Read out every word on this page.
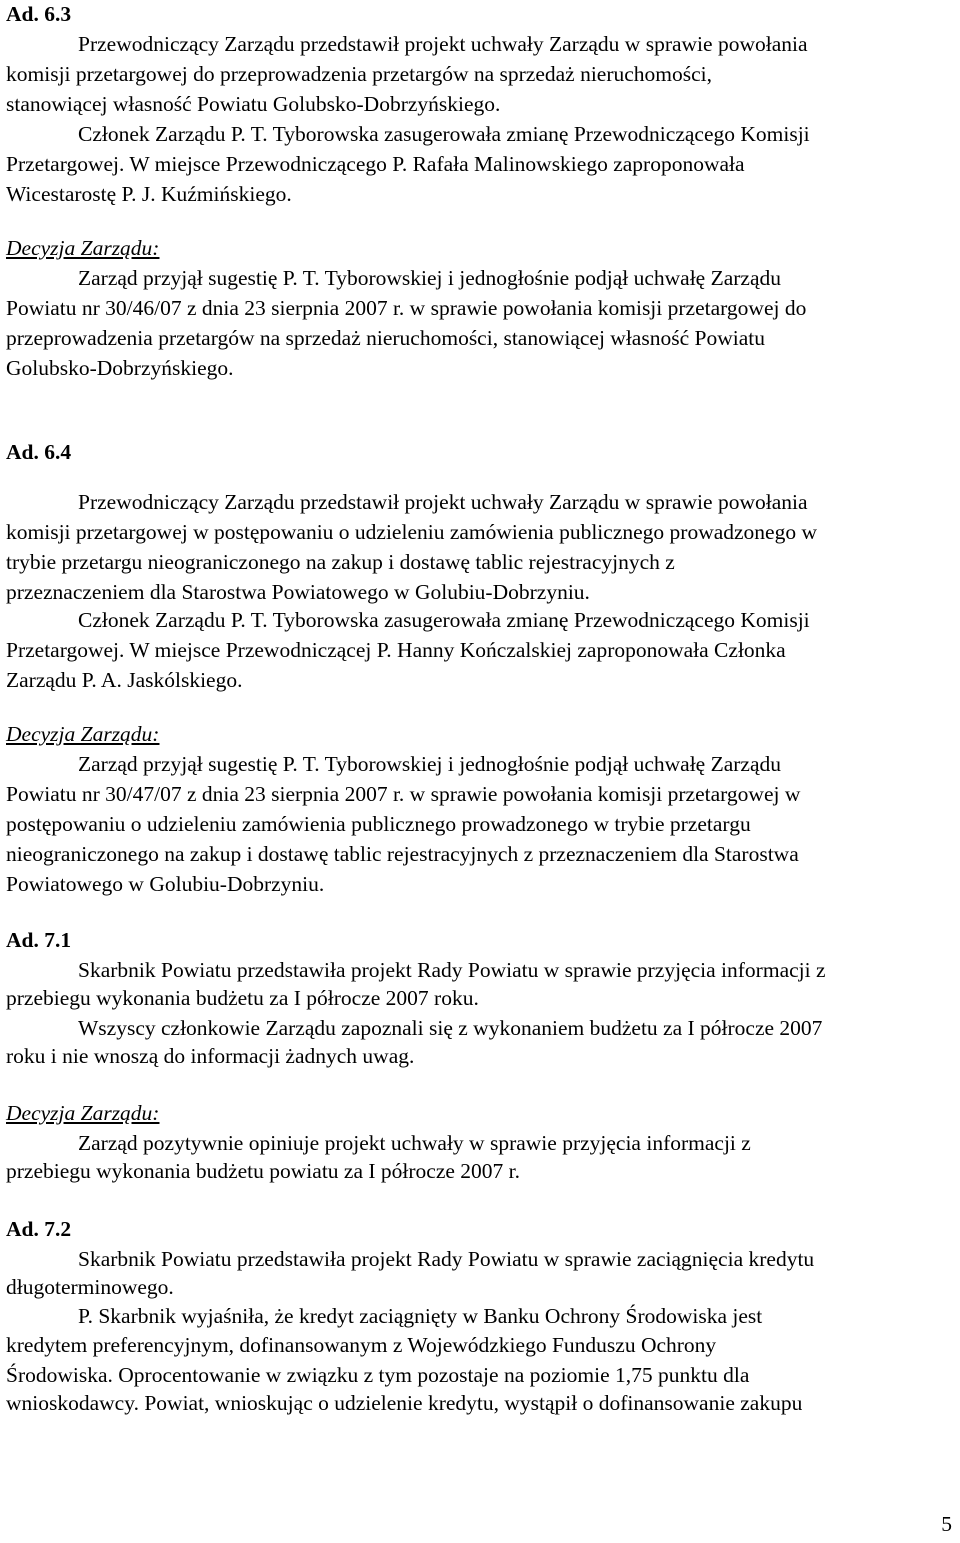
Ad. 6.3
Przewodniczący Zarządu przedstawił projekt uchwały Zarządu w sprawie powołania
komisji przetargowej do przeprowadzenia przetargów na sprzedaż nieruchomości,
stanowiącej własność Powiatu Golubsko-Dobrzyńskiego.
Członek Zarządu P. T. Tyborowska zasugerowała zmianę Przewodniczącego Komisji
Przetargowej. W miejsce Przewodniczącego P. Rafała Malinowskiego zaproponowała
Wicestarostę P. J. Kuźmińskiego.
Decyzja Zarządu:
Zarząd przyjął sugestię P. T. Tyborowskiej i jednogłośnie podjął uchwałę Zarządu
Powiatu nr 30/46/07 z dnia 23 sierpnia 2007 r. w sprawie powołania komisji przetargowej do
przeprowadzenia przetargów na sprzedaż nieruchomości, stanowiącej własność Powiatu
Golubsko-Dobrzyńskiego.
Ad. 6.4
Przewodniczący Zarządu przedstawił projekt uchwały Zarządu w sprawie powołania
komisji przetargowej w postępowaniu o udzieleniu zamówienia publicznego prowadzonego w
trybie przetargu nieograniczonego na zakup i dostawę tablic rejestracyjnych z
przeznaczeniem dla Starostwa Powiatowego w Golubiu-Dobrzyniu.
Członek Zarządu P. T. Tyborowska zasugerowała zmianę Przewodniczącego Komisji
Przetargowej. W miejsce Przewodniczącej P. Hanny Kończalskiej zaproponowała Członka
Zarządu P. A. Jaskólskiego.
Decyzja Zarządu:
Zarząd przyjął sugestię P. T. Tyborowskiej i jednogłośnie podjął uchwałę Zarządu
Powiatu nr 30/47/07 z dnia 23 sierpnia 2007 r. w sprawie powołania komisji przetargowej w
postępowaniu o udzieleniu zamówienia publicznego prowadzonego w trybie przetargu
nieograniczonego na zakup i dostawę tablic rejestracyjnych z przeznaczeniem dla Starostwa
Powiatowego w Golubiu-Dobrzyniu.
Ad. 7.1
Skarbnik Powiatu przedstawiła projekt Rady Powiatu w sprawie przyjęcia informacji z
przebiegu wykonania budżetu za I półrocze 2007 roku.
Wszyscy członkowie Zarządu zapoznali się z wykonaniem budżetu za I półrocze 2007
roku i nie wnoszą do informacji żadnych uwag.
Decyzja Zarządu:
Zarząd pozytywnie opiniuje projekt uchwały w sprawie przyjęcia informacji z
przebiegu wykonania budżetu powiatu za I półrocze 2007 r.
Ad. 7.2
Skarbnik Powiatu przedstawiła projekt Rady Powiatu w sprawie zaciągnięcia kredytu
długoterminowego.
P. Skarbnik wyjaśniła, że kredyt zaciągnięty w Banku Ochrony Środowiska jest
kredytem preferencyjnym, dofinansowanym z Wojewódzkiego Funduszu Ochrony
Środowiska. Oprocentowanie w związku z tym pozostaje na poziomie 1,75 punktu dla
wnioskodawcy. Powiat, wnioskując o udzielenie kredytu, wystąpił o dofinansowanie zakupu
5
